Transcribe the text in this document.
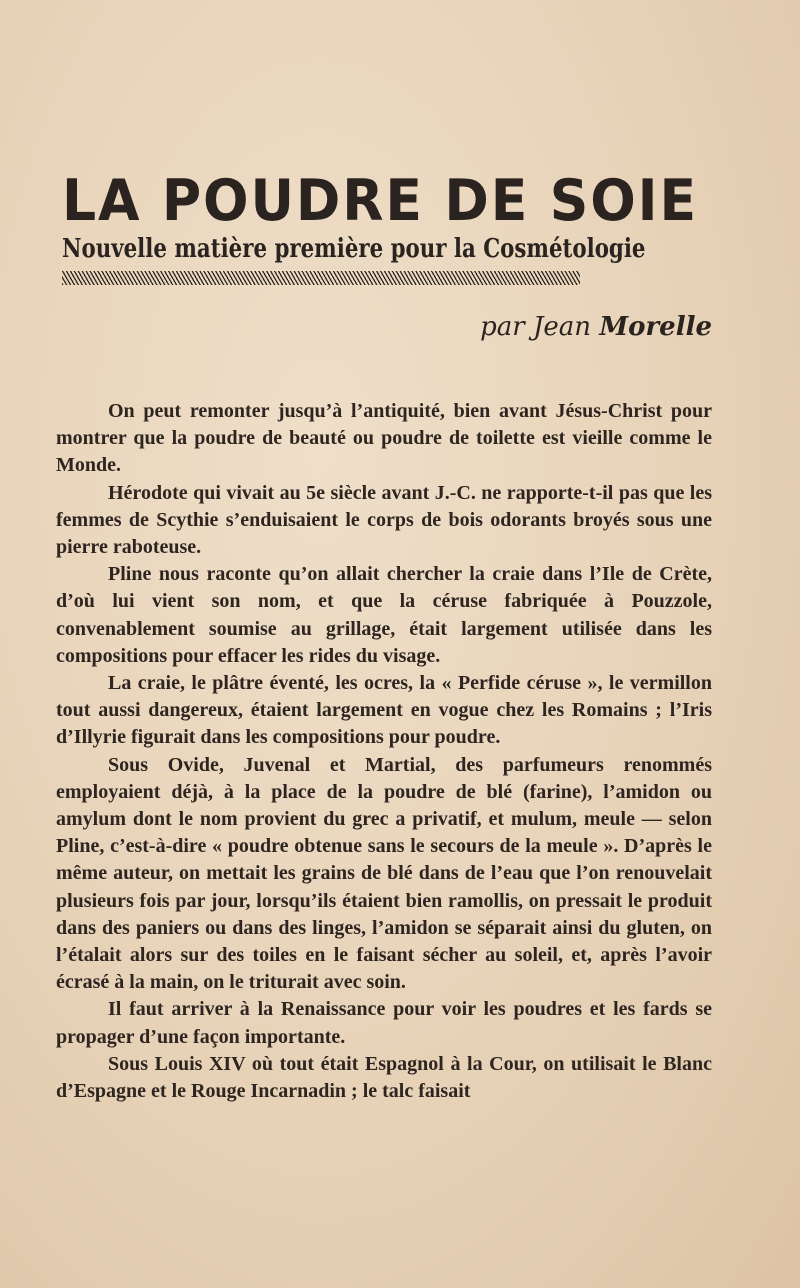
LA POUDRE DE SOIE
Nouvelle matière première pour la Cosmétologie
par Jean Morelle

On peut remonter jusqu’à l’antiquité, bien avant Jésus-Christ pour montrer que la poudre de beauté ou poudre de toilette est vieille comme le Monde.

Hérodote qui vivait au 5e siècle avant J.-C. ne rapporte-t-il pas que les femmes de Scythie s’enduisaient le corps de bois odorants broyés sous une pierre raboteuse.

Pline nous raconte qu’on allait chercher la craie dans l’Ile de Crète, d’où lui vient son nom, et que la céruse fabriquée à Pouzzole, convenablement soumise au grillage, était largement utilisée dans les compositions pour effacer les rides du visage.

La craie, le plâtre éventé, les ocres, la « Perfide céruse », le vermillon tout aussi dangereux, étaient largement en vogue chez les Romains ; l’Iris d’Illyrie figurait dans les compositions pour poudre.

Sous Ovide, Juvenal et Martial, des parfumeurs renommés employaient déjà, à la place de la poudre de blé (farine), l’amidon ou amylum dont le nom provient du grec a privatif, et mulum, meule — selon Pline, c’est-à-dire « poudre obtenue sans le secours de la meule ». D’après le même auteur, on mettait les grains de blé dans de l’eau que l’on renouvelait plusieurs fois par jour, lorsqu’ils étaient bien ramollis, on pressait le produit dans des paniers ou dans des linges, l’amidon se séparait ainsi du gluten, on l’étalait alors sur des toiles en le faisant sécher au soleil, et, après l’avoir écrasé à la main, on le triturait avec soin.

Il faut arriver à la Renaissance pour voir les poudres et les fards se propager d’une façon importante.

Sous Louis XIV où tout était Espagnol à la Cour, on utilisait le Blanc d’Espagne et le Rouge Incarnadin ; le talc faisait
